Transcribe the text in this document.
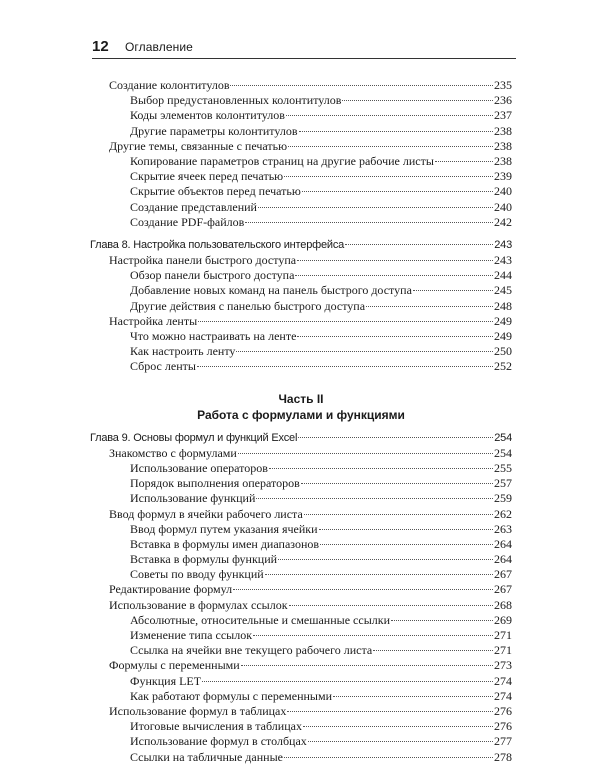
12 Оглавление
Создание колонтитулов	235
Выбор предустановленных колонтитулов	236
Коды элементов колонтитулов	237
Другие параметры колонтитулов	238
Другие темы, связанные с печатью	238
Копирование параметров страниц на другие рабочие листы	238
Скрытие ячеек перед печатью	239
Скрытие объектов перед печатью	240
Создание представлений	240
Создание PDF-файлов	242
Глава 8. Настройка пользовательского интерфейса	243
Настройка панели быстрого доступа	243
Обзор панели быстрого доступа	244
Добавление новых команд на панель быстрого доступа	245
Другие действия с панелью быстрого доступа	248
Настройка ленты	249
Что можно настраивать на ленте	249
Как настроить ленту	250
Сброс ленты	252
Часть II
Работа с формулами и функциями
Глава 9. Основы формул и функций Excel	254
Знакомство с формулами	254
Использование операторов	255
Порядок выполнения операторов	257
Использование функций	259
Ввод формул в ячейки рабочего листа	262
Ввод формул путем указания ячейки	263
Вставка в формулы имен диапазонов	264
Вставка в формулы функций	264
Советы по вводу функций	267
Редактирование формул	267
Использование в формулах ссылок	268
Абсолютные, относительные и смешанные ссылки	269
Изменение типа ссылок	271
Ссылка на ячейки вне текущего рабочего листа	271
Формулы с переменными	273
Функция LET	274
Как работают формулы с переменными	274
Использование формул в таблицах	276
Итоговые вычисления в таблицах	276
Использование формул в столбцах	277
Ссылки на табличные данные	278
